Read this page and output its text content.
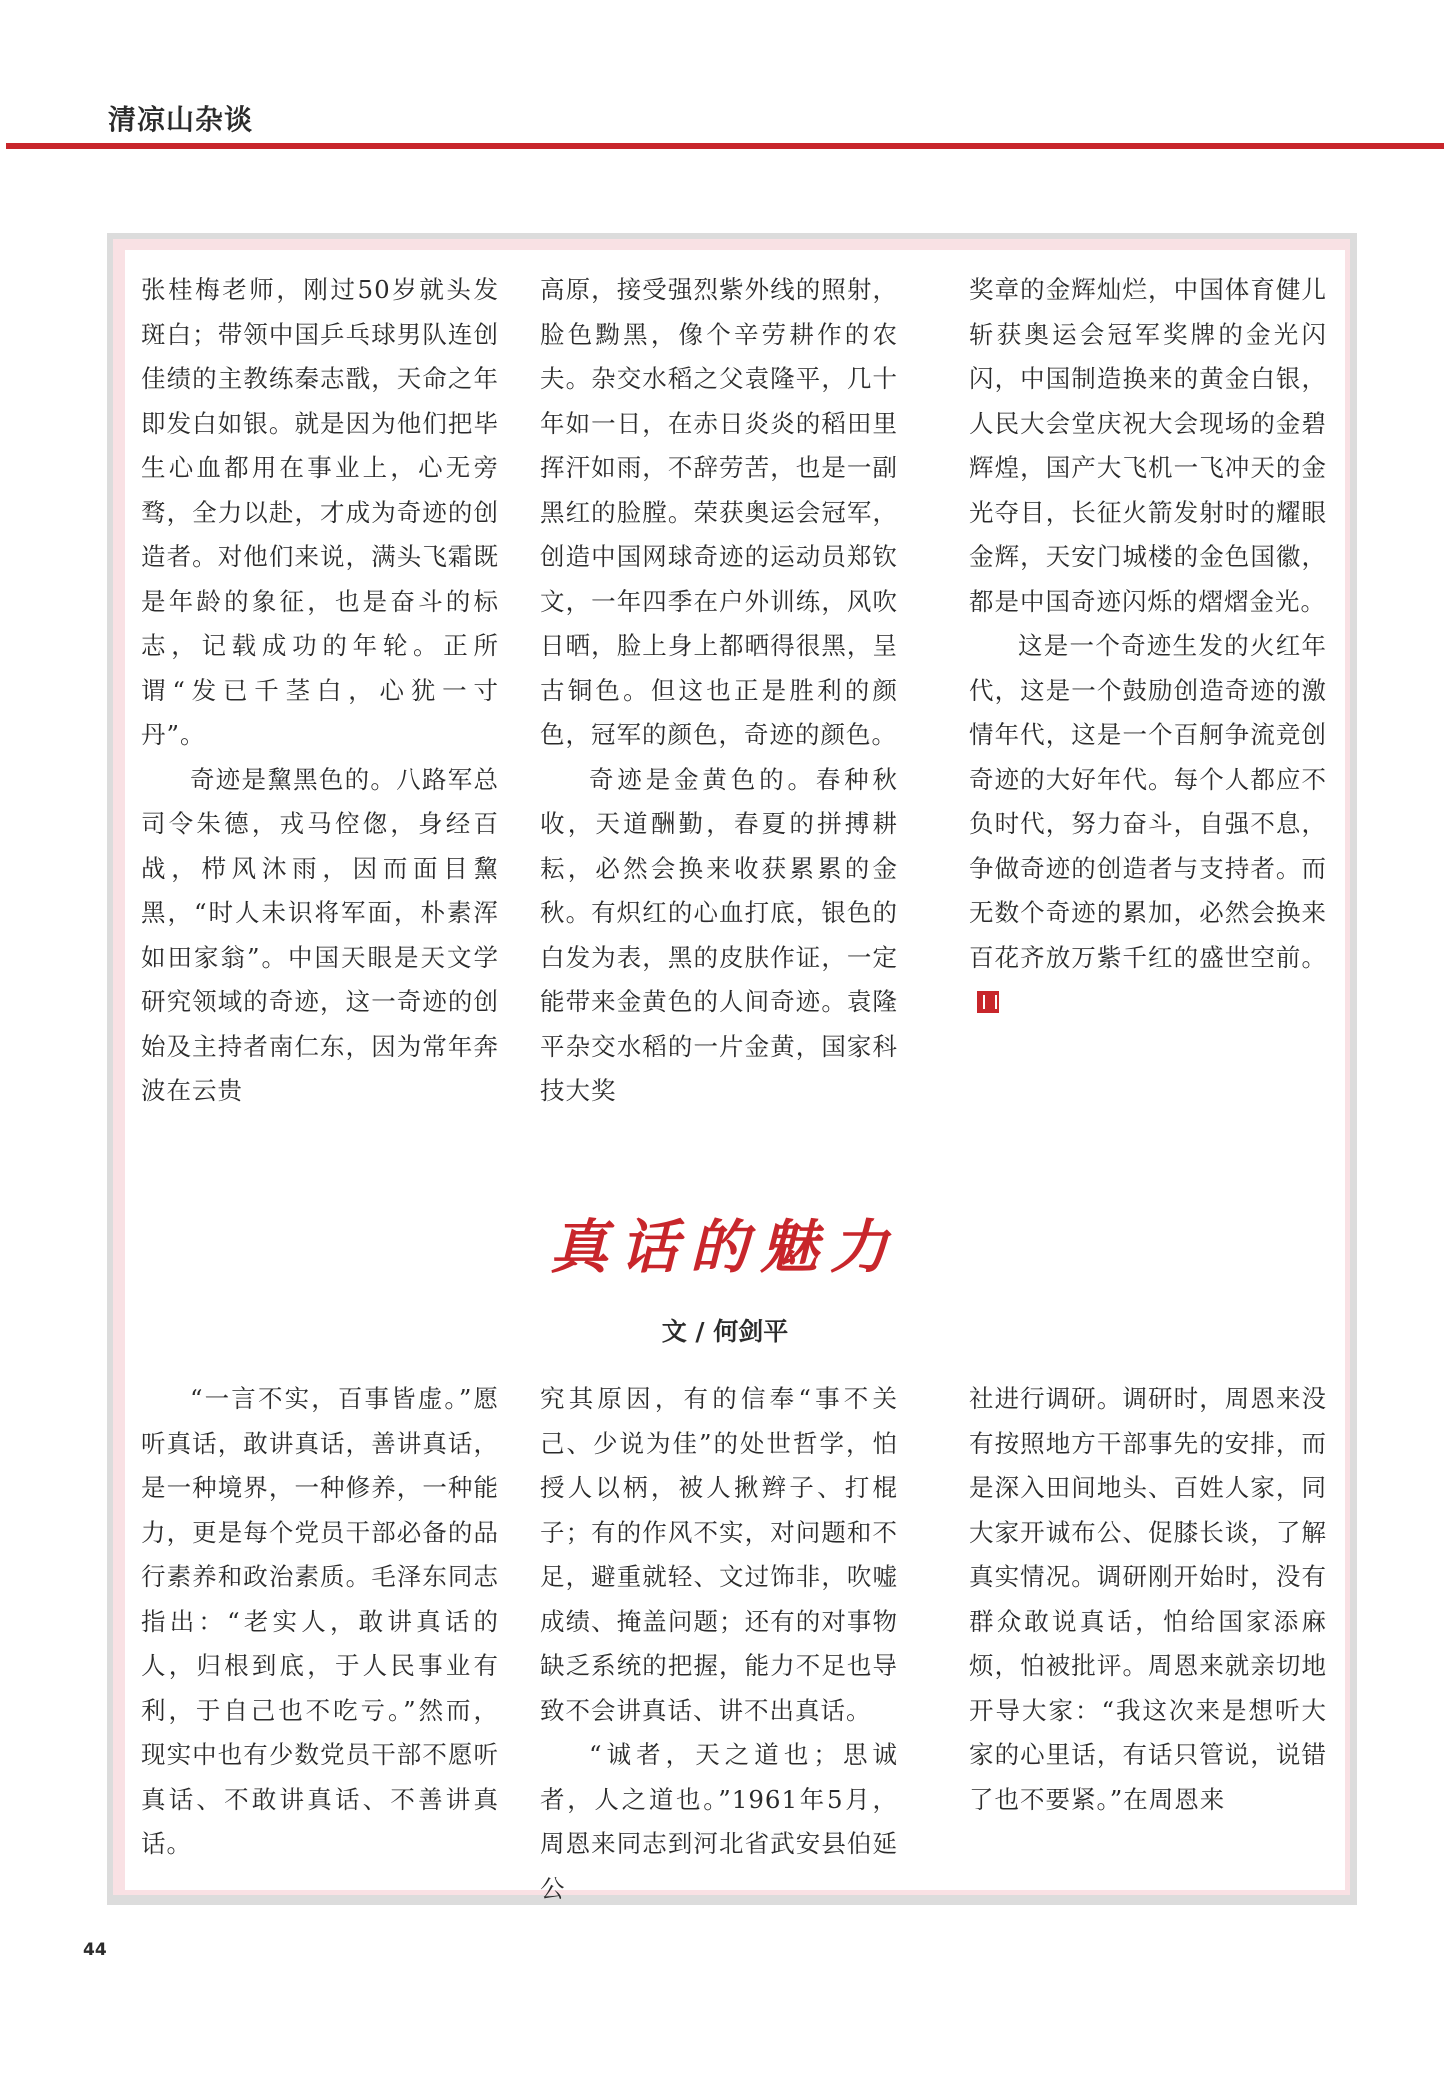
清凉山杂谈

张桂梅老师，刚过50岁就头发斑白；带领中国乒乓球男队连创佳绩的主教练秦志戬，天命之年即发白如银。就是因为他们把毕生心血都用在事业上，心无旁骛，全力以赴，才成为奇迹的创造者。对他们来说，满头飞霜既是年龄的象征，也是奋斗的标志，记载成功的年轮。正所谓“发已千茎白，心犹一寸丹”。

奇迹是黧黑色的。八路军总司令朱德，戎马倥偬，身经百战，栉风沐雨，因而面目黧黑，“时人未识将军面，朴素浑如田家翁”。中国天眼是天文学研究领域的奇迹，这一奇迹的创始及主持者南仁东，因为常年奔波在云贵

高原，接受强烈紫外线的照射，脸色黝黑，像个辛劳耕作的农夫。杂交水稻之父袁隆平，几十年如一日，在赤日炎炎的稻田里挥汗如雨，不辞劳苦，也是一副黑红的脸膛。荣获奥运会冠军，创造中国网球奇迹的运动员郑钦文，一年四季在户外训练，风吹日晒，脸上身上都晒得很黑，呈古铜色。但这也正是胜利的颜色，冠军的颜色，奇迹的颜色。

奇迹是金黄色的。春种秋收，天道酬勤，春夏的拼搏耕耘，必然会换来收获累累的金秋。有炽红的心血打底，银色的白发为表，黑的皮肤作证，一定能带来金黄色的人间奇迹。袁隆平杂交水稻的一片金黄，国家科技大奖

奖章的金辉灿烂，中国体育健儿斩获奥运会冠军奖牌的金光闪闪，中国制造换来的黄金白银，人民大会堂庆祝大会现场的金碧辉煌，国产大飞机一飞冲天的金光夺目，长征火箭发射时的耀眼金辉，天安门城楼的金色国徽，都是中国奇迹闪烁的熠熠金光。

这是一个奇迹生发的火红年代，这是一个鼓励创造奇迹的激情年代，这是一个百舸争流竞创奇迹的大好年代。每个人都应不负时代，努力奋斗，自强不息，争做奇迹的创造者与支持者。而无数个奇迹的累加，必然会换来百花齐放万紫千红的盛世空前。

真话的魅力
文 / 何剑平

“一言不实，百事皆虚。”愿听真话，敢讲真话，善讲真话，是一种境界，一种修养，一种能力，更是每个党员干部必备的品行素养和政治素质。毛泽东同志指出：“老实人，敢讲真话的人，归根到底，于人民事业有利，于自己也不吃亏。”然而，现实中也有少数党员干部不愿听真话、不敢讲真话、不善讲真话。

究其原因，有的信奉“事不关己、少说为佳”的处世哲学，怕授人以柄，被人揪辫子、打棍子；有的作风不实，对问题和不足，避重就轻、文过饰非，吹嘘成绩、掩盖问题；还有的对事物缺乏系统的把握，能力不足也导致不会讲真话、讲不出真话。

“诚者，天之道也；思诚者，人之道也。”1961年5月，周恩来同志到河北省武安县伯延公

社进行调研。调研时，周恩来没有按照地方干部事先的安排，而是深入田间地头、百姓人家，同大家开诚布公、促膝长谈，了解真实情况。调研刚开始时，没有群众敢说真话，怕给国家添麻烦，怕被批评。周恩来就亲切地开导大家：“我这次来是想听大家的心里话，有话只管说，说错了也不要紧。”在周恩来

44
